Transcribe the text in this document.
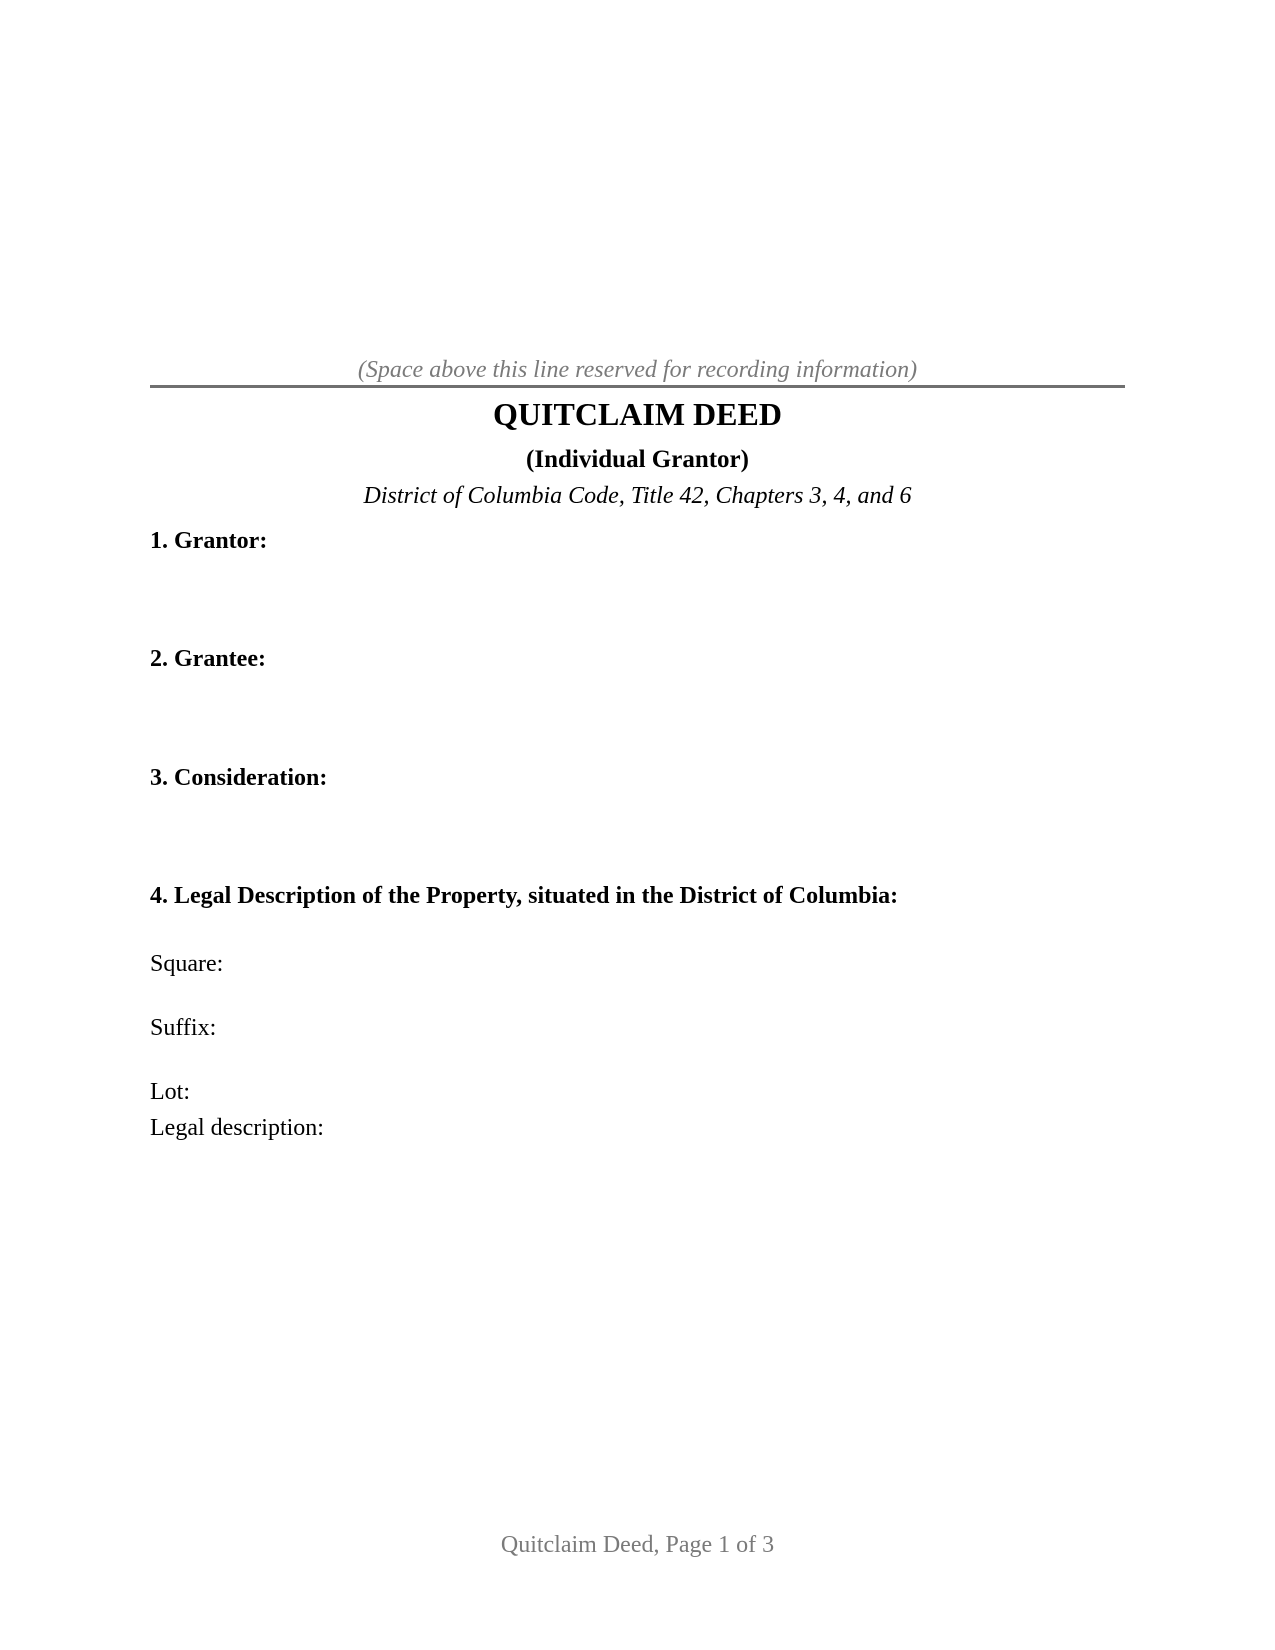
(Space above this line reserved for recording information)
QUITCLAIM DEED
(Individual Grantor)
District of Columbia Code, Title 42, Chapters 3, 4, and 6
1. Grantor:
2. Grantee:
3. Consideration:
4. Legal Description of the Property, situated in the District of Columbia:
Square:
Suffix:
Lot:
Legal description:
Quitclaim Deed, Page 1 of 3
